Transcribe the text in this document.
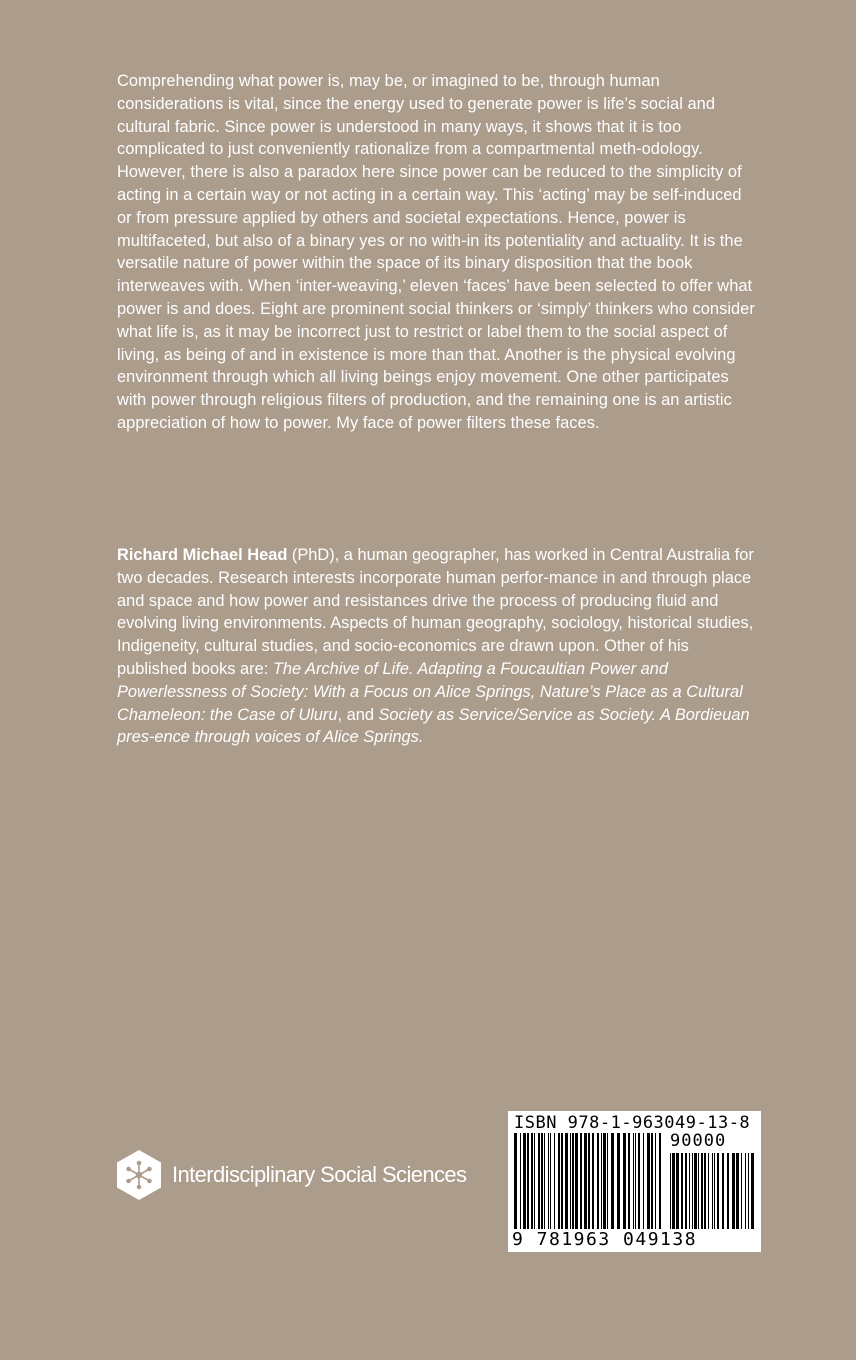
Comprehending what power is, may be, or imagined to be, through human considerations is vital, since the energy used to generate power is life’s social and cultural fabric. Since power is understood in many ways, it shows that it is too complicated to just conveniently rationalize from a compartmental meth-odology. However, there is also a paradox here since power can be reduced to the simplicity of acting in a certain way or not acting in a certain way. This ‘acting’ may be self-induced or from pressure applied by others and societal expectations. Hence, power is multifaceted, but also of a binary yes or no with-in its potentiality and actuality. It is the versatile nature of power within the space of its binary disposition that the book interweaves with. When ‘inter-weaving,’ eleven ‘faces’ have been selected to offer what power is and does. Eight are prominent social thinkers or ‘simply’ thinkers who consider what life is, as it may be incorrect just to restrict or label them to the social aspect of living, as being of and in existence is more than that. Another is the physical evolving environment through which all living beings enjoy movement. One other participates with power through religious filters of production, and the remaining one is an artistic appreciation of how to power. My face of power filters these faces.

Richard Michael Head (PhD), a human geographer, has worked in Central Australia for two decades. Research interests incorporate human perfor-mance in and through place and space and how power and resistances drive the process of producing fluid and evolving living environments. Aspects of human geography, sociology, historical studies, Indigeneity, cultural studies, and socio-economics are drawn upon. Other of his published books are: The Archive of Life. Adapting a Foucaultian Power and Powerlessness of Society: With a Focus on Alice Springs, Nature’s Place as a Cultural Chameleon: the Case of Uluru, and Society as Service/Service as Society. A Bordieuan pres-ence through voices of Alice Springs.

Interdisciplinary Social Sciences
ISBN 978-1-963049-13-8
90000
9 781963 049138
